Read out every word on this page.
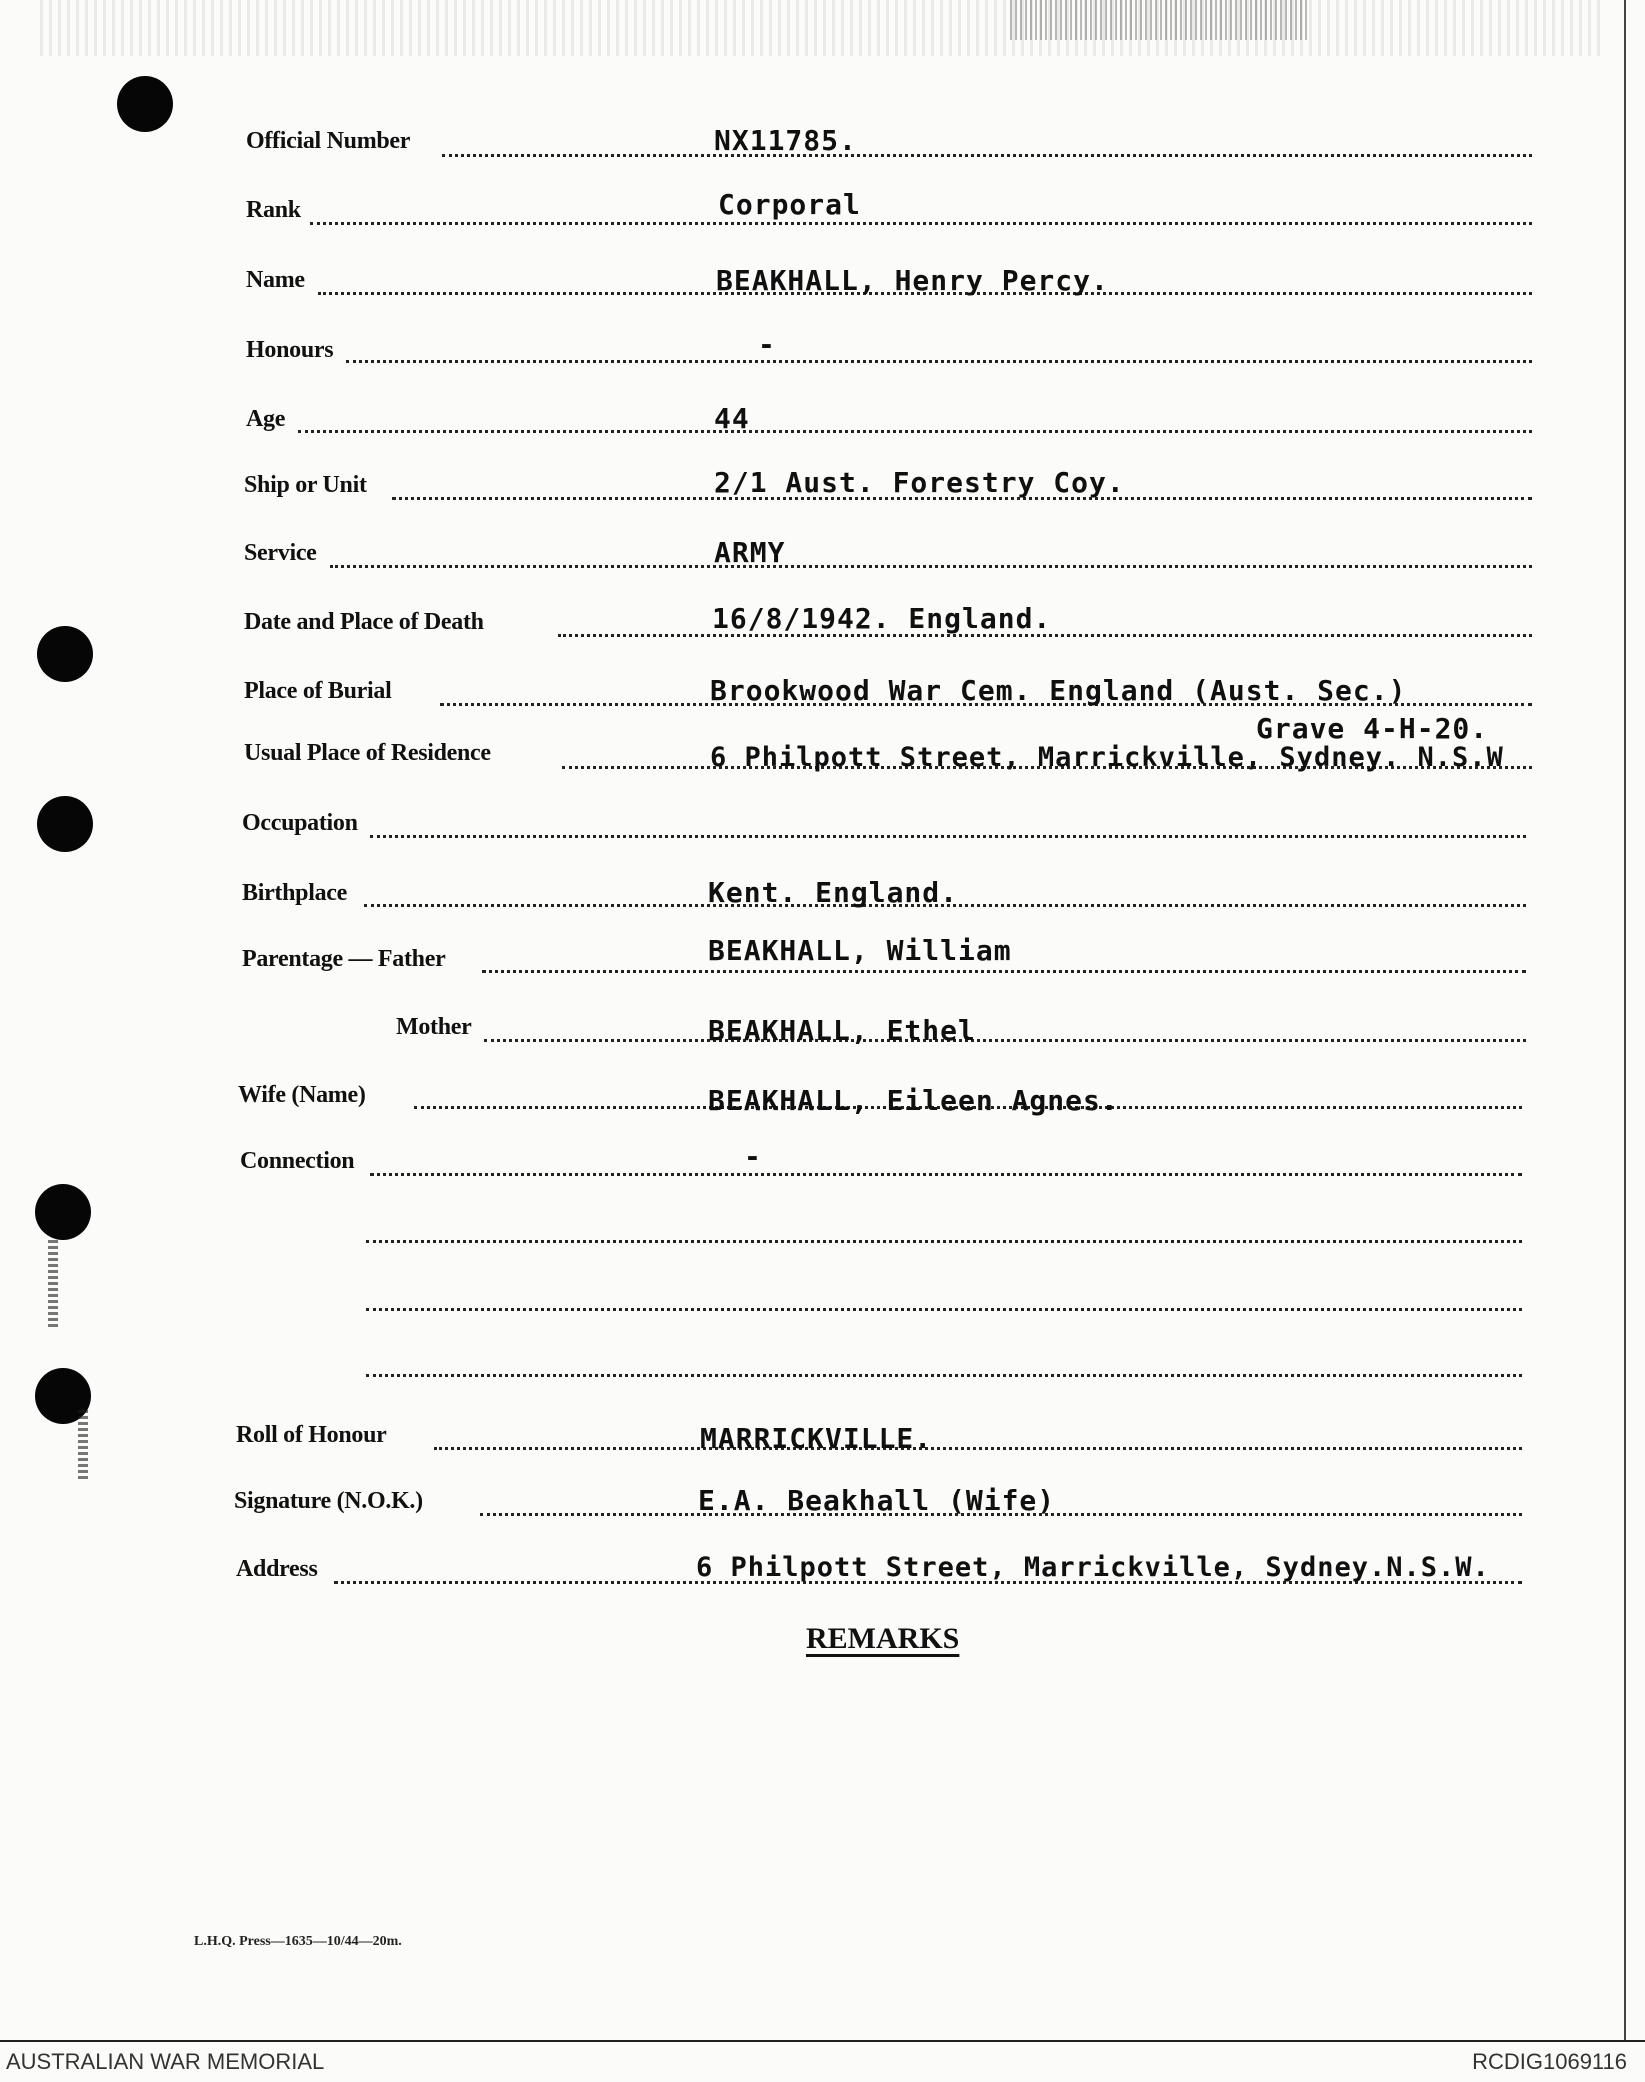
Official Number	NX11785.
Rank	Corporal
Name	BEAKHALL, Henry Percy.
Honours	-
Age	44
Ship or Unit	2/1 Aust. Forestry Coy.
Service	ARMY
Date and Place of Death	16/8/1942. England.
Place of Burial	Brookwood War Cem. England (Aust. Sec.)
Grave 4-H-20.
Usual Place of Residence	6 Philpott Street, Marrickville, Sydney. N.S.W
Occupation
Birthplace	Kent. England.
Parentage — Father	BEAKHALL, William
Mother	BEAKHALL, Ethel
Wife (Name)	BEAKHALL, Eileen Agnes.
Connection	-
Roll of Honour	MARRICKVILLE.
Signature (N.O.K.)	E.A. Beakhall (Wife)
Address	6 Philpott Street, Marrickville, Sydney.N.S.W.
REMARKS
L.H.Q. Press—1635—10/44—20m.
AUSTRALIAN WAR MEMORIAL	RCDIG1069116
